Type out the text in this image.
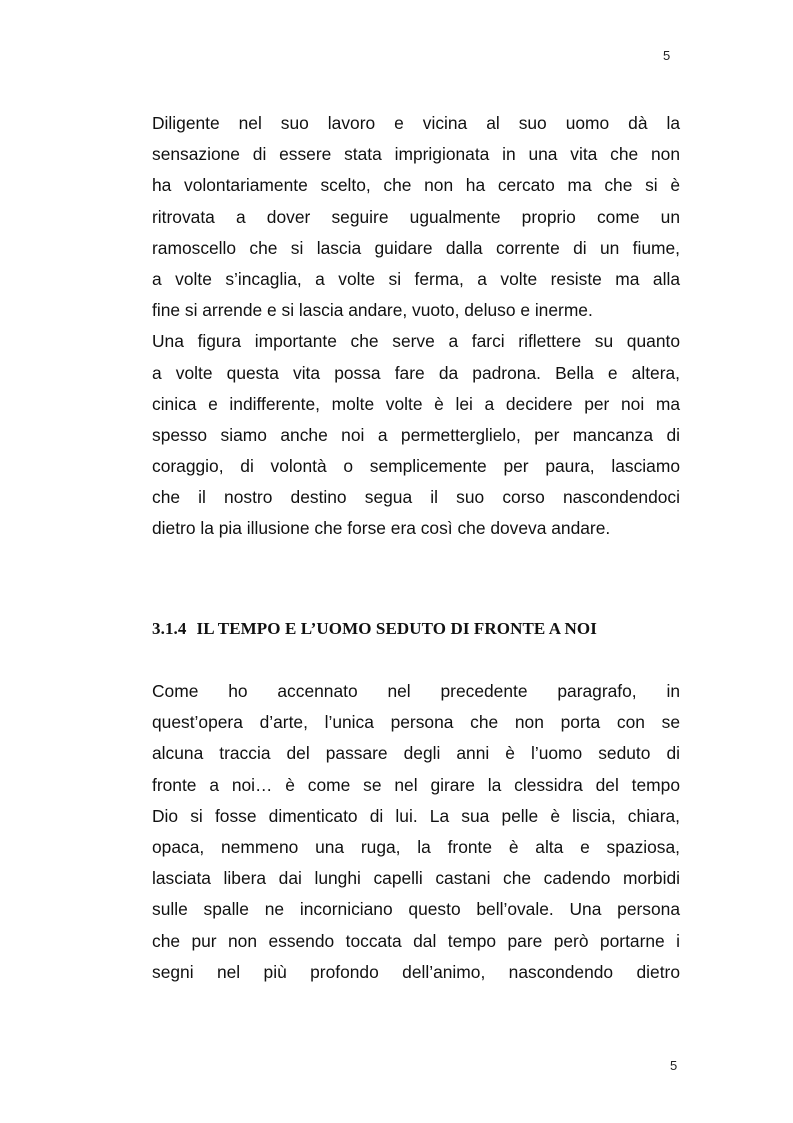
5
Diligente nel suo lavoro e vicina al suo uomo dà la
sensazione di essere stata imprigionata in una vita che non
ha volontariamente scelto, che non ha cercato ma che si è
ritrovata a dover seguire ugualmente proprio come un
ramoscello che si lascia guidare dalla corrente di un fiume,
a volte s’incaglia, a volte si ferma, a volte resiste ma alla
fine si arrende e si lascia andare, vuoto, deluso e inerme.
Una figura importante che serve a farci riflettere su quanto
a volte questa vita possa fare da padrona. Bella e altera,
cinica e indifferente, molte volte è lei a decidere per noi ma
spesso siamo anche noi a permetterglielo, per mancanza di
coraggio, di volontà o semplicemente per paura, lasciamo
che il nostro destino segua il suo corso nascondendoci
dietro la pia illusione che forse era così che doveva andare.
3.1.4 IL TEMPO E L’UOMO SEDUTO DI FRONTE A NOI
Come ho accennato nel precedente paragrafo, in
quest’opera d’arte, l’unica persona che non porta con se
alcuna traccia del passare degli anni è l’uomo seduto di
fronte a noi… è come se nel girare la clessidra del tempo
Dio si fosse dimenticato di lui. La sua pelle è liscia, chiara,
opaca, nemmeno una ruga, la fronte è alta e spaziosa,
lasciata libera dai lunghi capelli castani che cadendo morbidi
sulle spalle ne incorniciano questo bell’ovale. Una persona
che pur non essendo toccata dal tempo pare però portarne i
segni nel più profondo dell’animo, nascondendo dietro
5
